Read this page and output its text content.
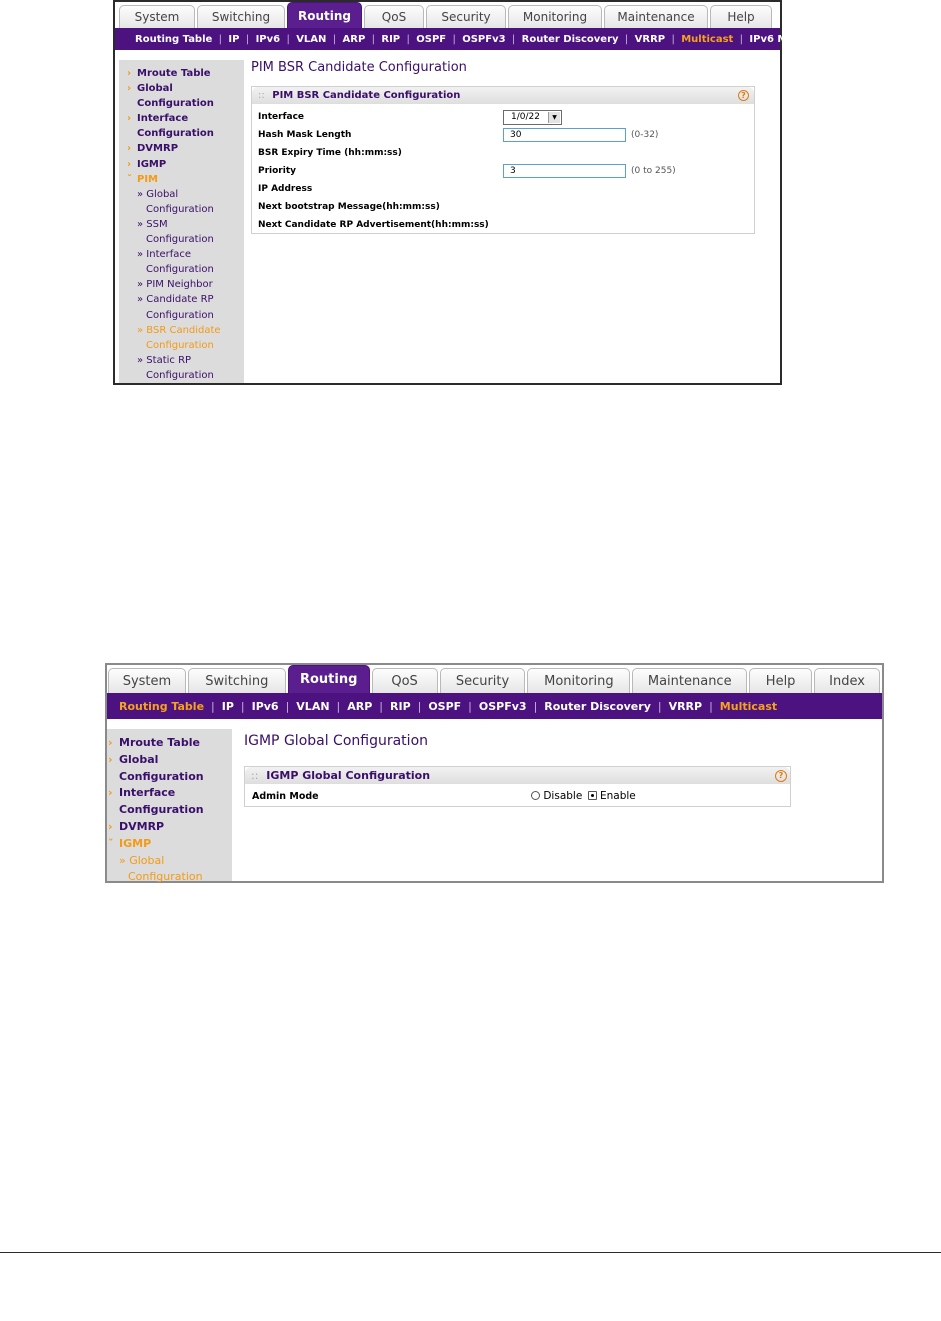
System	Switching	Routing	QoS	Security	Monitoring	Maintenance	Help
Routing Table | IP | IPv6 | VLAN | ARP | RIP | OSPF | OSPFv3 | Router Discovery | VRRP | Multicast | IPv6 Multicast
› Mroute Table
› Global
Configuration
› Interface
Configuration
› DVMRP
› IGMP
ˇ PIM
» Global
Configuration
» SSM
Configuration
» Interface
Configuration
» PIM Neighbor
» Candidate RP
Configuration
» BSR Candidate
Configuration
» Static RP
Configuration
PIM BSR Candidate Configuration
:: PIM BSR Candidate Configuration	?
Interface	1/0/22	▼
Hash Mask Length	30	(0-32)
BSR Expiry Time (hh:mm:ss)
Priority	3	(0 to 255)
IP Address
Next bootstrap Message(hh:mm:ss)
Next Candidate RP Advertisement(hh:mm:ss)
System	Switching	Routing	QoS	Security	Monitoring	Maintenance	Help	Index
Routing Table | IP | IPv6 | VLAN | ARP | RIP | OSPF | OSPFv3 | Router Discovery | VRRP | Multicast
› Mroute Table
› Global
Configuration
› Interface
Configuration
› DVMRP
ˇ IGMP
» Global
Configuration
IGMP Global Configuration
:: IGMP Global Configuration	?
Admin Mode	Disable Enable
